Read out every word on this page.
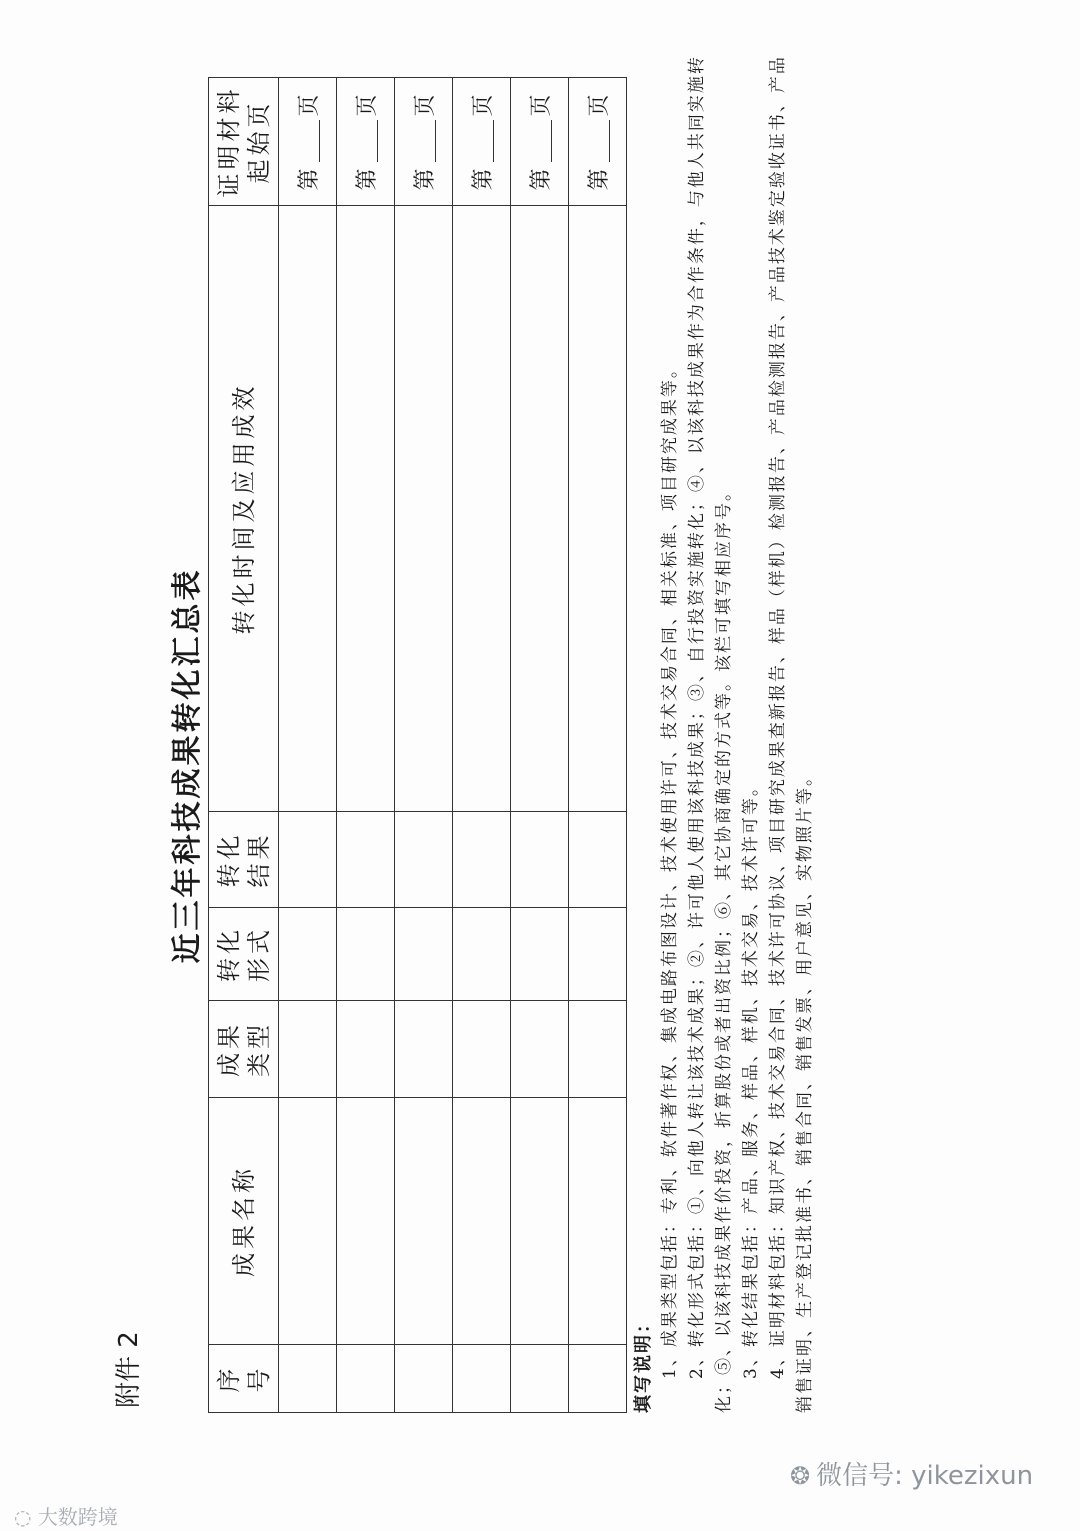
附件 2
近三年科技成果转化汇总表
序 号	成果名称	成果 类型	转化 形式	转化 结果	转化时间及应用成效	证明材料 起始页

						第页
						第页
						第页
						第页
						第页
						第页

填写说明： 1、成果类型包括：专利、软件著作权、集成电路布图设计、技术使用许可、技术交易合同、相关标准、项目研究成果等。 2、转化形式包括：①、向他人转让该技术成果；②、许可他人使用该科技成果；③、自行投资实施转化；④、以该科技成果作为合作条件，与他人共同实施转化；⑤、以该科技成果作价投资，折算股份或者出资比例；⑥、其它协商确定的方式等。该栏可填写相应序号。 3、转化结果包括：产品、服务、样品、样机、技术交易、技术许可等。 4、证明材料包括：知识产权、技术交易合同、技术许可协议、项目研究成果查新报告、样品（样机）检测报告、产品检测报告、产品技术鉴定验收证书、产品销售证明、生产登记批准书、销售合同、销售发票、用户意见、实物照片等。

◌ 大数跨境
❂ 微信号: yikezixun
